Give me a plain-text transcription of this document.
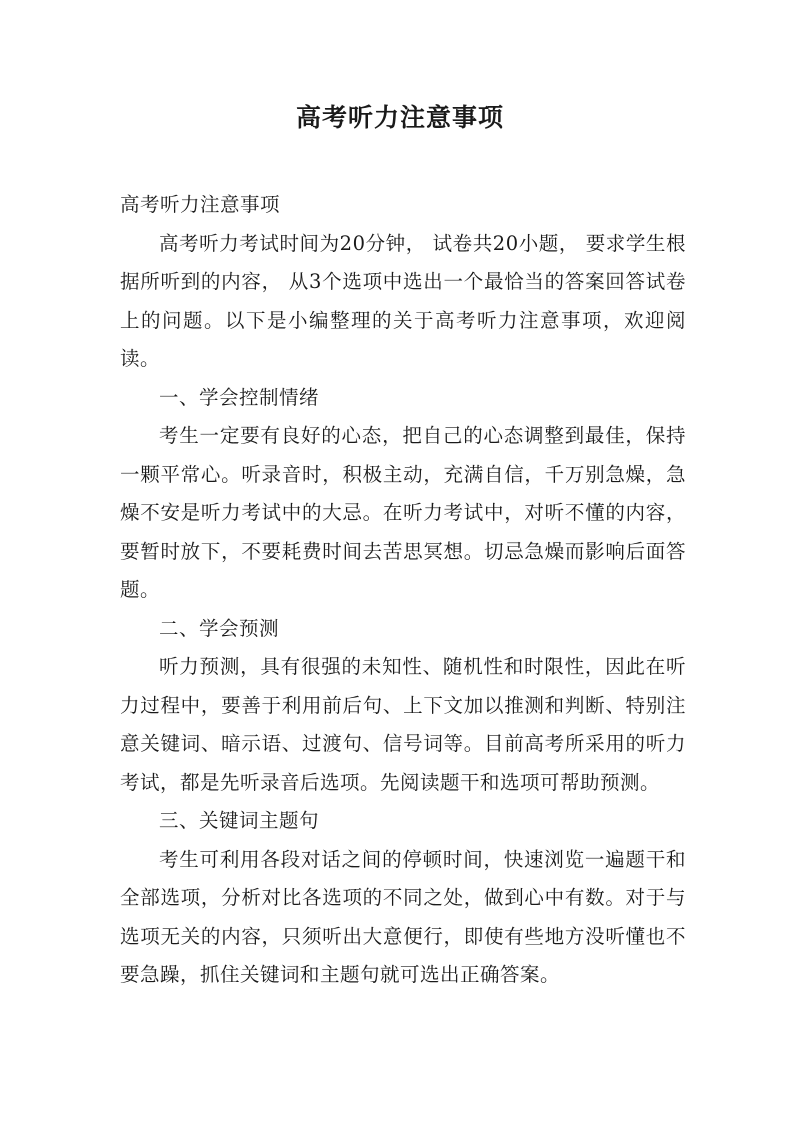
高考听力注意事项

高考听力注意事项

高考听力考试时间为20分钟， 试卷共20小题， 要求学生根据所听到的内容， 从3个选项中选出一个最恰当的答案回答试卷上的问题。以下是小编整理的关于高考听力注意事项，欢迎阅读。

一、学会控制情绪

考生一定要有良好的心态，把自己的心态调整到最佳，保持一颗平常心。听录音时，积极主动，充满自信，千万别急燥，急燥不安是听力考试中的大忌。在听力考试中，对听不懂的内容，要暂时放下，不要耗费时间去苦思冥想。切忌急燥而影响后面答题。

二、学会预测

听力预测，具有很强的未知性、随机性和时限性，因此在听力过程中，要善于利用前后句、上下文加以推测和判断、特别注意关键词、暗示语、过渡句、信号词等。目前高考所采用的听力考试，都是先听录音后选项。先阅读题干和选项可帮助预测。

三、关键词主题句

考生可利用各段对话之间的停顿时间，快速浏览一遍题干和全部选项，分析对比各选项的不同之处，做到心中有数。对于与选项无关的内容，只须听出大意便行，即使有些地方没听懂也不要急躁，抓住关键词和主题句就可选出正确答案。
